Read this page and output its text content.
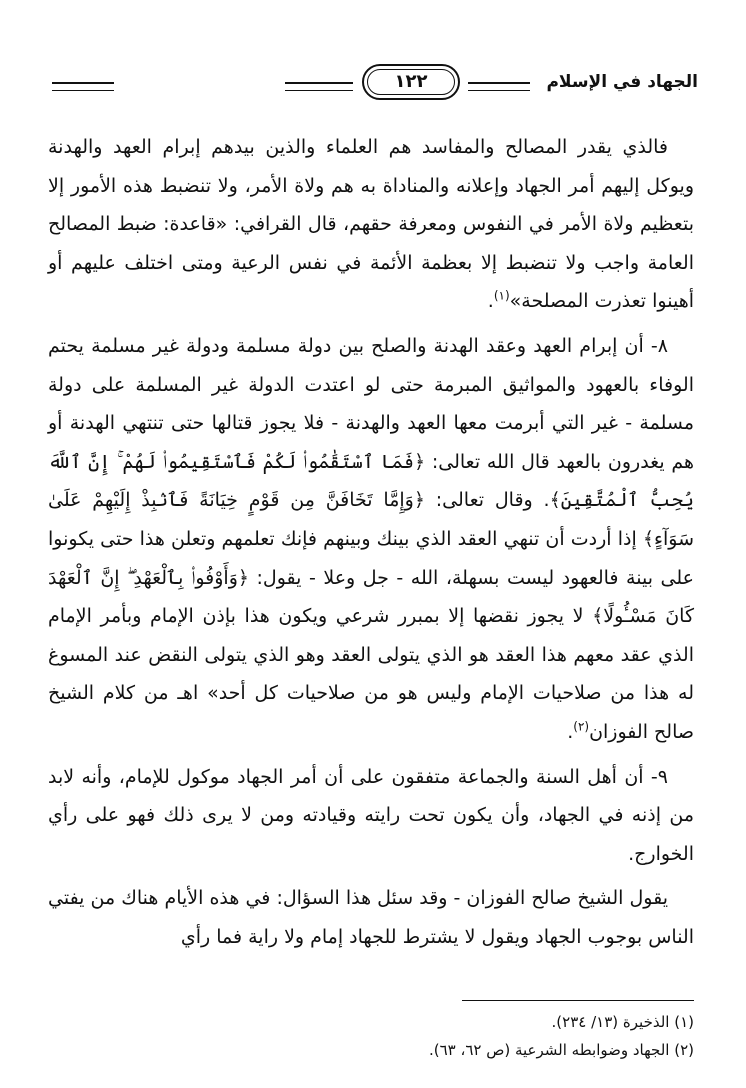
الجهاد في الإسلام
١٢٢

فالذي يقدر المصالح والمفاسد هم العلماء والذين بيدهم إبرام العهد والهدنة ويوكل إليهم أمر الجهاد وإعلانه والمناداة به هم ولاة الأمر، ولا تنضبط هذه الأمور إلا بتعظيم ولاة الأمر في النفوس ومعرفة حقهم، قال القرافي: «قاعدة: ضبط المصالح العامة واجب ولا تنضبط إلا بعظمة الأئمة في نفس الرعية ومتى اختلف عليهم أو أهينوا تعذرت المصلحة»$^{(١)}$.

٨- أن إبرام العهد وعقد الهدنة والصلح بين دولة مسلمة ودولة غير مسلمة يحتم الوفاء بالعهود والمواثيق المبرمة حتى لو اعتدت الدولة غير المسلمة على دولة مسلمة - غير التي أبرمت معها العهد والهدنة - فلا يجوز قتالها حتى تنتهي الهدنة أو هم يغدرون بالعهد قال الله تعالى: ﴿فَمَا ٱسْتَقَٰمُوا۟ لَكُمْ فَٱسْتَقِيمُوا۟ لَهُمْ ۚ إِنَّ ٱللَّهَ يُحِبُّ ٱلْمُتَّقِينَ﴾. وقال تعالى: ﴿وَإِمَّا تَخَافَنَّ مِن قَوْمٍ خِيَانَةً فَٱنۢبِذْ إِلَيْهِمْ عَلَىٰ سَوَآءٍ﴾ إذا أردت أن تنهي العقد الذي بينك وبينهم فإنك تعلمهم وتعلن هذا حتى يكونوا على بينة فالعهود ليست بسهلة، الله - جل وعلا - يقول: ﴿وَأَوْفُوا۟ بِٱلْعَهْدِ ۖ إِنَّ ٱلْعَهْدَ كَانَ مَسْـُٔولًا﴾ لا يجوز نقضها إلا بمبرر شرعي ويكون هذا بإذن الإمام وبأمر الإمام الذي عقد معهم هذا العقد هو الذي يتولى العقد وهو الذي يتولى النقض عند المسوغ له هذا من صلاحيات الإمام وليس هو من صلاحيات كل أحد» اهـ من كلام الشيخ صالح الفوزان$^{(٢)}$.

٩- أن أهل السنة والجماعة متفقون على أن أمر الجهاد موكول للإمام، وأنه لابد من إذنه في الجهاد، وأن يكون تحت رايته وقيادته ومن لا يرى ذلك فهو على رأي الخوارج.

يقول الشيخ صالح الفوزان - وقد سئل هذا السؤال: في هذه الأيام هناك من يفتي الناس بوجوب الجهاد ويقول لا يشترط للجهاد إمام ولا راية فما رأي

(١) الذخيرة (١٣/ ٢٣٤).

(٢) الجهاد وضوابطه الشرعية (ص ٦٢، ٦٣).
